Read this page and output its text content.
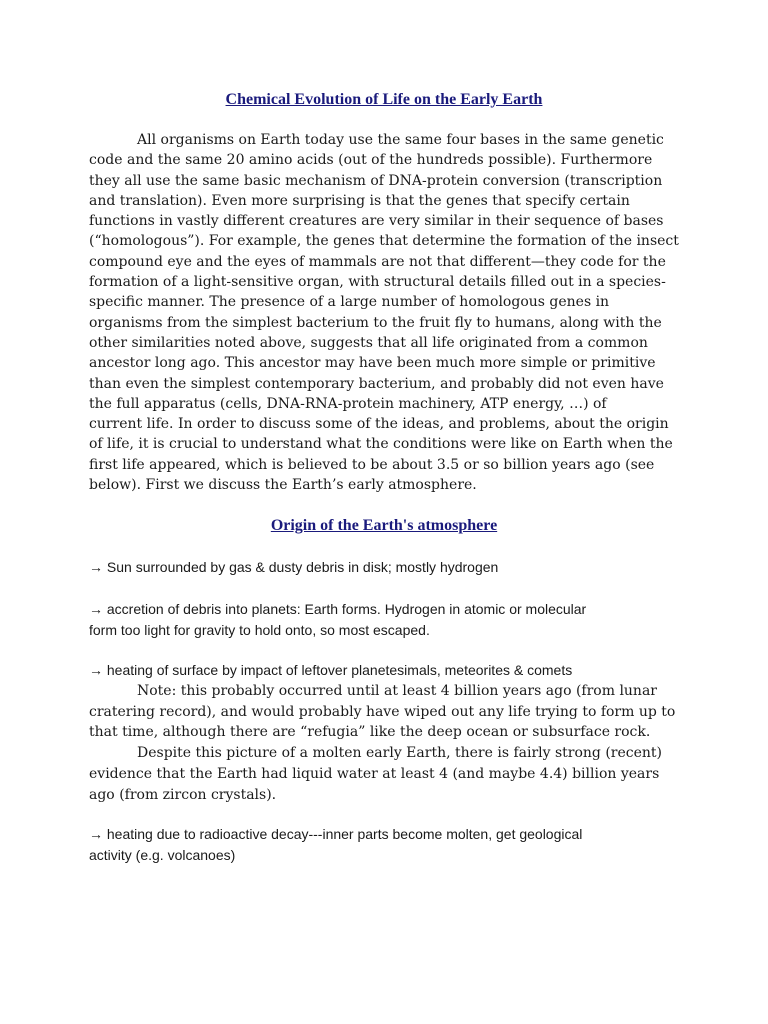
Chemical Evolution of Life on the Early Earth

All organisms on Earth today use the same four bases in the same genetic
code and the same 20 amino acids (out of the hundreds possible). Furthermore
they all use the same basic mechanism of DNA-protein conversion (transcription
and translation). Even more surprising is that the genes that specify certain
functions in vastly different creatures are very similar in their sequence of bases
(“homologous”). For example, the genes that determine the formation of the insect
compound eye and the eyes of mammals are not that different—they code for the
formation of a light-sensitive organ, with structural details filled out in a species-
specific manner. The presence of a large number of homologous genes in
organisms from the simplest bacterium to the fruit fly to humans, along with the
other similarities noted above, suggests that all life originated from a common
ancestor long ago. This ancestor may have been much more simple or primitive
than even the simplest contemporary bacterium, and probably did not even have
the full apparatus (cells, DNA-RNA-protein machinery, ATP energy, …) of
current life. In order to discuss some of the ideas, and problems, about the origin
of life, it is crucial to understand what the conditions were like on Earth when the
first life appeared, which is believed to be about 3.5 or so billion years ago (see
below). First we discuss the Earth’s early atmosphere.

Origin of the Earth's atmosphere

→ Sun surrounded by gas & dusty debris in disk; mostly hydrogen

→ accretion of debris into planets: Earth forms. Hydrogen in atomic or molecular
form too light for gravity to hold onto, so most escaped.

→ heating of surface by impact of leftover planetesimals, meteorites & comets

Note: this probably occurred until at least 4 billion years ago (from lunar
cratering record), and would probably have wiped out any life trying to form up to
that time, although there are “refugia” like the deep ocean or subsurface rock.
Despite this picture of a molten early Earth, there is fairly strong (recent)
evidence that the Earth had liquid water at least 4 (and maybe 4.4) billion years
ago (from zircon crystals).

→ heating due to radioactive decay---inner parts become molten, get geological
activity (e.g. volcanoes)
